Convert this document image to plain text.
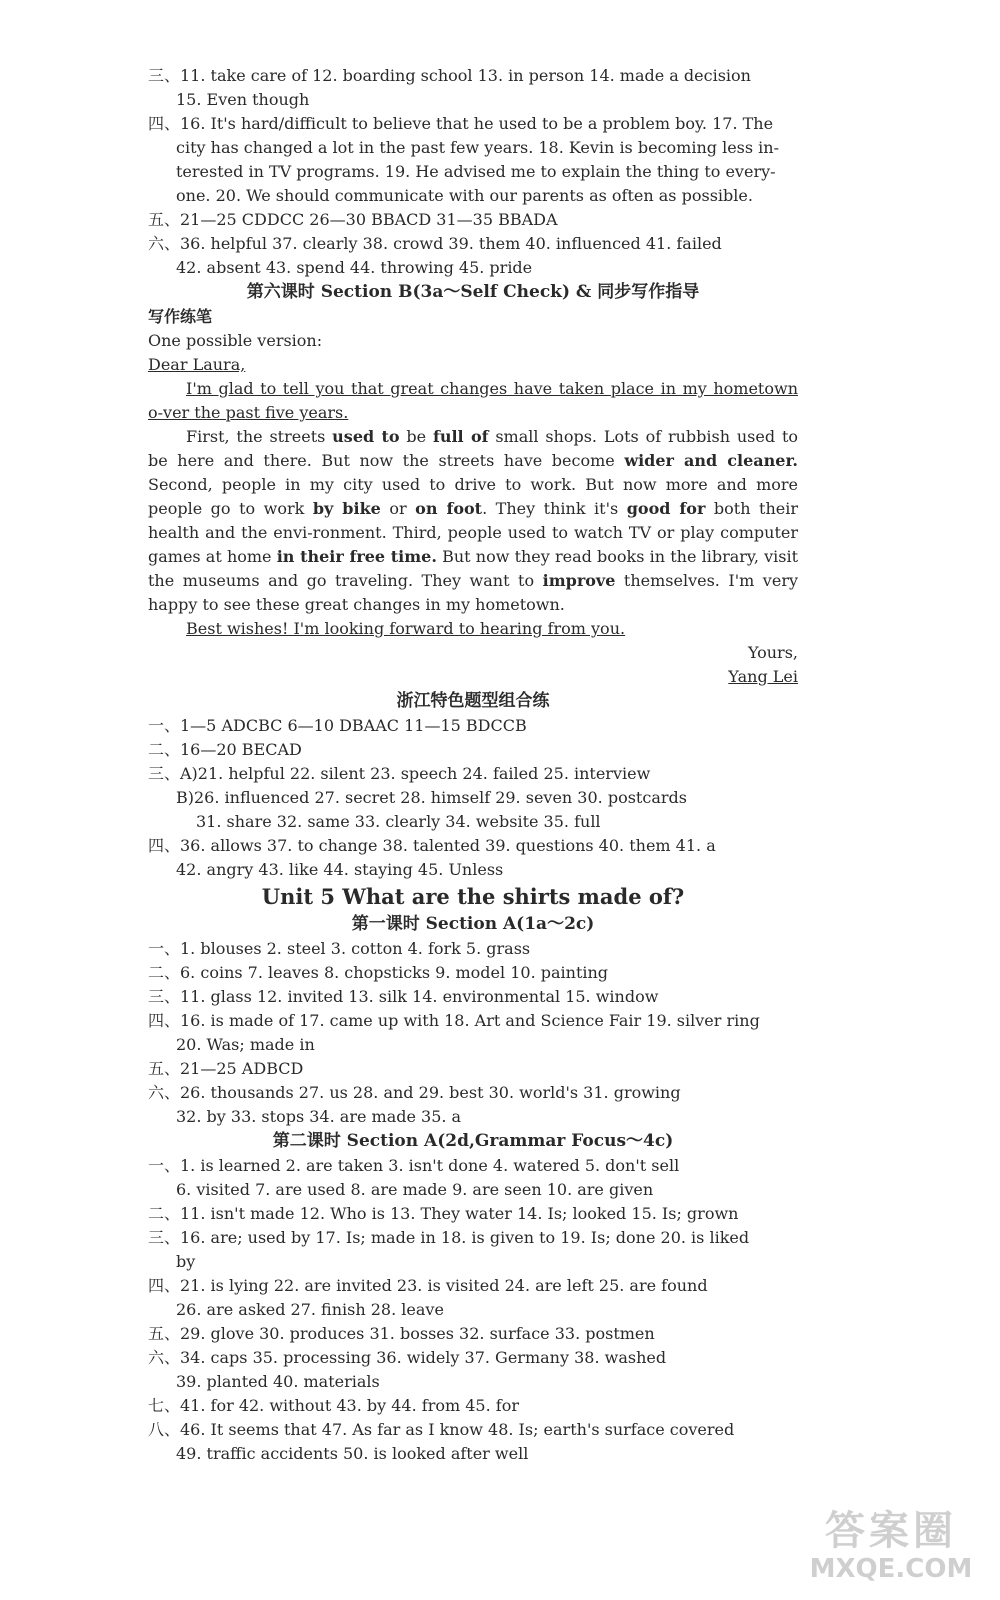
三、11. take care of 12. boarding school 13. in person 14. made a decision
15. Even though
四、16. It's hard/difficult to believe that he used to be a problem boy. 17. The
city has changed a lot in the past few years. 18. Kevin is becoming less in-
terested in TV programs. 19. He advised me to explain the thing to every-
one. 20. We should communicate with our parents as often as possible.
五、21—25 CDDCC 26—30 BBACD 31—35 BBADA
六、36. helpful 37. clearly 38. crowd 39. them 40. influenced 41. failed
42. absent 43. spend 44. throwing 45. pride
第六课时 Section B(3a～Self Check) & 同步写作指导
写作练笔
One possible version:
Dear Laura,
I'm glad to tell you that great changes have taken place in my hometown o-ver the past five years.
First, the streets used to be full of small shops. Lots of rubbish used to be here and there. But now the streets have become wider and cleaner. Second, people in my city used to drive to work. But now more and more people go to work by bike or on foot. They think it's good for both their health and the envi-ronment. Third, people used to watch TV or play computer games at home in their free time. But now they read books in the library, visit the museums and go traveling. They want to improve themselves. I'm very happy to see these great changes in my hometown.
Best wishes! I'm looking forward to hearing from you.
Yours,
Yang Lei
浙江特色题型组合练
一、1—5 ADCBC 6—10 DBAAC 11—15 BDCCB
二、16—20 BECAD
三、A)21. helpful 22. silent 23. speech 24. failed 25. interview
B)26. influenced 27. secret 28. himself 29. seven 30. postcards
31. share 32. same 33. clearly 34. website 35. full
四、36. allows 37. to change 38. talented 39. questions 40. them 41. a
42. angry 43. like 44. staying 45. Unless
Unit 5 What are the shirts made of?
第一课时 Section A(1a～2c)
一、1. blouses 2. steel 3. cotton 4. fork 5. grass
二、6. coins 7. leaves 8. chopsticks 9. model 10. painting
三、11. glass 12. invited 13. silk 14. environmental 15. window
四、16. is made of 17. came up with 18. Art and Science Fair 19. silver ring
20. Was; made in
五、21—25 ADBCD
六、26. thousands 27. us 28. and 29. best 30. world's 31. growing
32. by 33. stops 34. are made 35. a
第二课时 Section A(2d,Grammar Focus～4c)
一、1. is learned 2. are taken 3. isn't done 4. watered 5. don't sell
6. visited 7. are used 8. are made 9. are seen 10. are given
二、11. isn't made 12. Who is 13. They water 14. Is; looked 15. Is; grown
三、16. are; used by 17. Is; made in 18. is given to 19. Is; done 20. is liked
by
四、21. is lying 22. are invited 23. is visited 24. are left 25. are found
26. are asked 27. finish 28. leave
五、29. glove 30. produces 31. bosses 32. surface 33. postmen
六、34. caps 35. processing 36. widely 37. Germany 38. washed
39. planted 40. materials
七、41. for 42. without 43. by 44. from 45. for
八、46. It seems that 47. As far as I know 48. Is; earth's surface covered
49. traffic accidents 50. is looked after well
答案圈
MXQE.COM
